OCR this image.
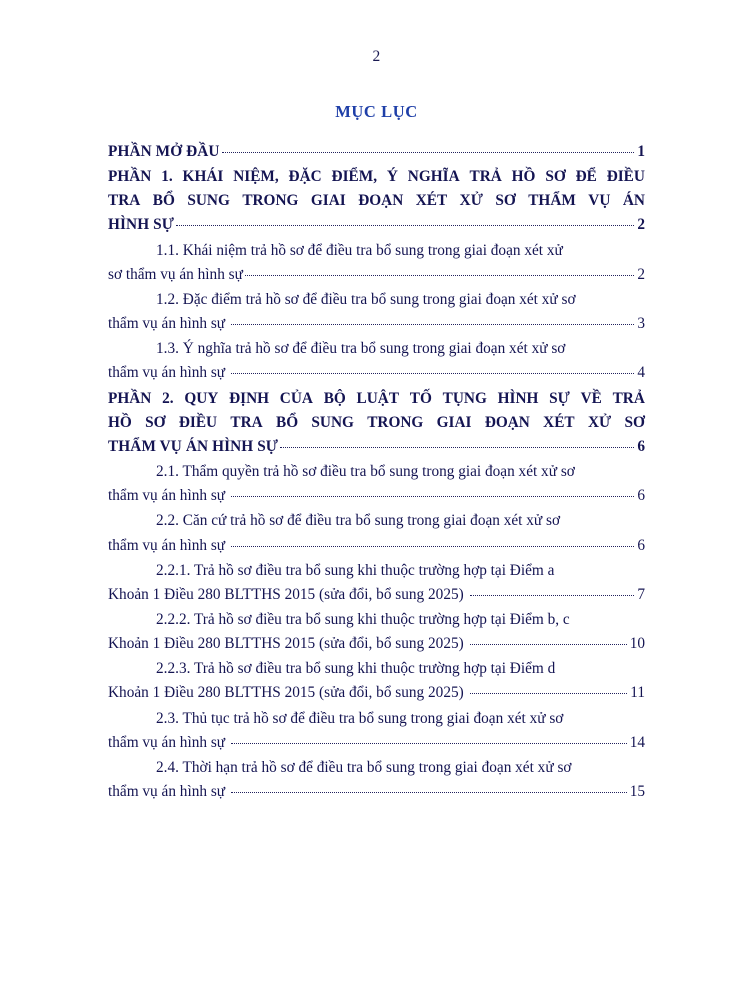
2
MỤC LỤC
PHẦN MỞ ĐẦU	1
PHẦN 1. KHÁI NIỆM, ĐẶC ĐIỂM, Ý NGHĨA TRẢ HỒ SƠ ĐỂ ĐIỀU
TRA BỔ SUNG TRONG GIAI ĐOẠN XÉT XỬ SƠ THẨM VỤ ÁN
HÌNH SỰ	2
1.1. Khái niệm trả hồ sơ để điều tra bổ sung trong giai đoạn xét xử
sơ thẩm vụ án hình sự	2
1.2. Đặc điểm trả hồ sơ để điều tra bổ sung trong giai đoạn xét xử sơ
thẩm vụ án hình sự	3
1.3. Ý nghĩa trả hồ sơ để điều tra bổ sung trong giai đoạn xét xử sơ
thẩm vụ án hình sự	4
PHẦN 2. QUY ĐỊNH CỦA BỘ LUẬT TỐ TỤNG HÌNH SỰ VỀ TRẢ
HỒ SƠ ĐIỀU TRA BỔ SUNG TRONG GIAI ĐOẠN XÉT XỬ SƠ
THẨM VỤ ÁN HÌNH SỰ	6
2.1. Thẩm quyền trả hồ sơ điều tra bổ sung trong giai đoạn xét xử sơ
thẩm vụ án hình sự	6
2.2. Căn cứ trả hồ sơ để điều tra bổ sung trong giai đoạn xét xử sơ
thẩm vụ án hình sự	6
2.2.1. Trả hồ sơ điều tra bổ sung khi thuộc trường hợp tại Điểm a
Khoản 1 Điều 280 BLTTHS 2015 (sửa đổi, bổ sung 2025)	7
2.2.2. Trả hồ sơ điều tra bổ sung khi thuộc trường hợp tại Điểm b, c
Khoản 1 Điều 280 BLTTHS 2015 (sửa đổi, bổ sung 2025)	10
2.2.3. Trả hồ sơ điều tra bổ sung khi thuộc trường hợp tại Điểm d
Khoản 1 Điều 280 BLTTHS 2015 (sửa đổi, bổ sung 2025)	11
2.3. Thủ tục trả hồ sơ để điều tra bổ sung trong giai đoạn xét xử sơ
thẩm vụ án hình sự	14
2.4. Thời hạn trả hồ sơ để điều tra bổ sung trong giai đoạn xét xử sơ
thẩm vụ án hình sự	15
